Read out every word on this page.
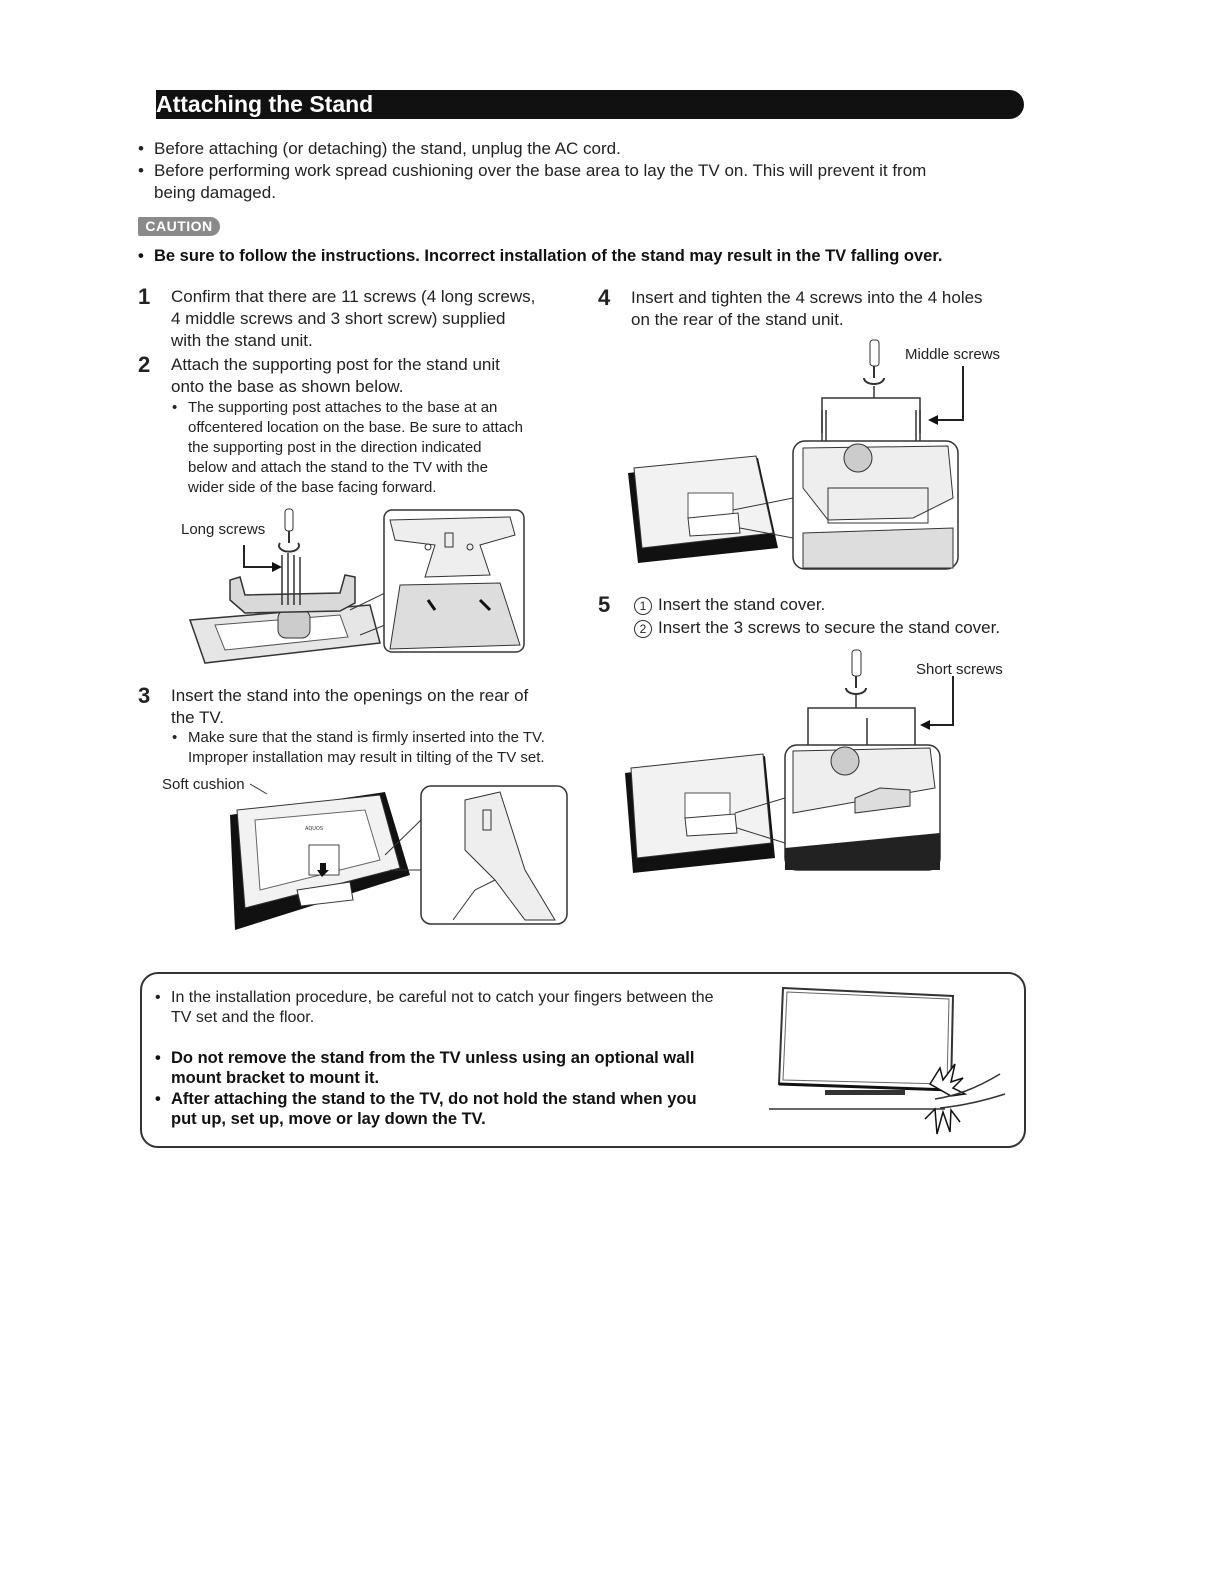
Attaching the Stand
• Before attaching (or detaching) the stand, unplug the AC cord.
• Before performing work spread cushioning over the base area to lay the TV on. This will prevent it from
being damaged.
CAUTION
• Be sure to follow the instructions. Incorrect installation of the stand may result in the TV falling over.
1 Confirm that there are 11 screws (4 long screws,
4 middle screws and 3 short screw) supplied
with the stand unit.
2 Attach the supporting post for the stand unit
onto the base as shown below.
• The supporting post attaches to the base at an
offcentered location on the base. Be sure to attach
the supporting post in the direction indicated
below and attach the stand to the TV with the
wider side of the base facing forward.
Long screws
3 Insert the stand into the openings on the rear of
the TV.
• Make sure that the stand is firmly inserted into the TV.
Improper installation may result in tilting of the TV set.
Soft cushion
AQUOS
4 Insert and tighten the 4 screws into the 4 holes
on the rear of the stand unit.
Middle screws
5	1 Insert the stand cover.
2 Insert the 3 screws to secure the stand cover.
Short screws
• In the installation procedure, be careful not to catch your fingers between the
TV set and the floor.
• Do not remove the stand from the TV unless using an optional wall
mount bracket to mount it.
• After attaching the stand to the TV, do not hold the stand when you
put up, set up, move or lay down the TV.
